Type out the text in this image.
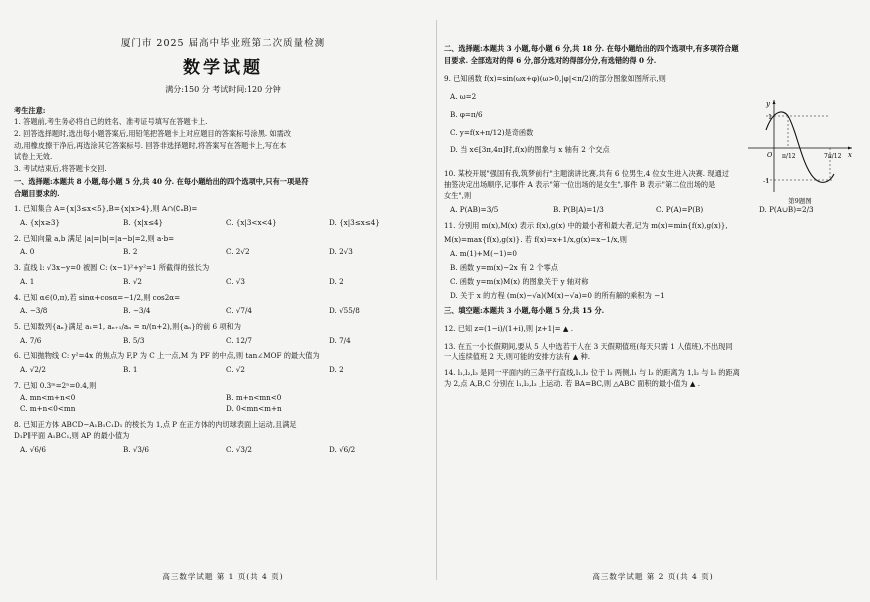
厦门市 2025 届高中毕业班第二次质量检测
数学试题
满分:150 分 考试时间:120 分钟
考生注意:
1. 答题前,考生务必将自己的姓名、准考证号填写在答题卡上.
2. 回答选择题时,选出每小题答案后,用铅笔把答题卡上对应题目的答案标号涂黑. 如需改
动,用橡皮擦干净后,再选涂其它答案标号. 回答非选择题时,将答案写在答题卡上,写在本
试卷上无效.
3. 考试结束后,将答题卡交回.
一、选择题:本题共 8 小题,每小题 5 分,共 40 分. 在每小题给出的四个选项中,只有一项是符
合题目要求的.
1. 已知集合 A={x|3≤x<5},B={x|x>4},则 A∩(∁ᵤB)=
A. {x|x≥3}	B. {x|x≤4}	C. {x|3<x<4}	D. {x|3≤x≤4}
2. 已知向量 a,b 满足 |a|=|b|=|a−b|=2,则 a·b=
A. 0	B. 2	C. 2√2	D. 2√3
3. 直线 l: √3x−y=0 被圆 C: (x−1)²+y²=1 所截得的弦长为
A. 1	B. √2	C. √3	D. 2
4. 已知 α∈(0,π),若 sinα+cosα=−1/2,则 cos2α=
A. −3/8	B. −3/4	C. √7/4	D. √55/8
5. 已知数列{aₙ}满足 a₁=1, aₙ₊₁/aₙ = n/(n+2),则{aₙ}的前 6 项和为
A. 7/6	B. 5/3	C. 12/7	D. 7/4
6. 已知抛物线 C: y²=4x 的焦点为 F,P 为 C 上一点,M 为 PF 的中点,则 tan∠MOF 的最大值为
A. √2/2	B. 1	C. √2	D. 2
7. 已知 0.3ᵐ=2ⁿ=0.4,则
A. mn<m+n<0	B. m+n<mn<0
C. m+n<0<mn	D. 0<mn<m+n
8. 已知正方体 ABCD−A₁B₁C₁D₁ 的棱长为 1,点 P 在正方体的内切球表面上运动,且满足
D₁P∥平面 A₁BC₁,则 AP 的最小值为
A. √6/6	B. √3/6	C. √3/2	D. √6/2
高三数学试题 第 1 页(共 4 页)
二、选择题:本题共 3 小题,每小题 6 分,共 18 分. 在每小题给出的四个选项中,有多项符合题
目要求. 全部选对的得 6 分,部分选对的得部分分,有选错的得 0 分.
9. 已知函数 f(x)=sin(ωx+φ)(ω>0,|φ|<π/2)的部分图象如图所示,则
A. ω=2
B. φ=π/6
C. y=f(x+π/12)是奇函数
D. 当 x∈[3π,4π]时,f(x)的图象与 x 轴有 2 个交点
y
x
O
1
-1
π/12	7π/12
第9题图
10. 某校开展"强国有我,筑梦前行"主题演讲比赛,共有 6 位男生,4 位女生进入决赛. 现通过
抽签决定出场顺序,记事件 A 表示"第一位出场的是女生",事件 B 表示"第二位出场的是
女生",则
A. P(AB)=3/5	B. P(B|A)=1/3	C. P(A)=P(B)	D. P(A∪B)=2/3
11. 分别用 m(x),M(x) 表示 f(x),g(x) 中的最小者和最大者,记为 m(x)=min{f(x),g(x)},
M(x)=max{f(x),g(x)}. 若 f(x)=x+1/x,g(x)=x−1/x,则
A. m(1)+M(−1)=0
B. 函数 y=m(x)−2x 有 2 个零点
C. 函数 y=m(x)M(x) 的图象关于 y 轴对称
D. 关于 x 的方程 (m(x)−√a)(M(x)−√a)=0 的所有解的乘积为 −1
三、填空题:本题共 3 小题,每小题 5 分,共 15 分.
12. 已知 z=(1−i)/(1+i),则 |z+1|= ▲ .
13. 在五一小长假期间,要从 5 人中选若干人在 3 天假期值班(每天只需 1 人值班),不出现同
一人连续值班 2 天,则可能的安排方法有 ▲ 种.
14. l₁,l₂,l₃ 是同一平面内的三条平行直线,l₁,l₂ 位于 l₃ 两侧,l₁ 与 l₃ 的距离为 1,l₂ 与 l₃ 的距离
为 2,点 A,B,C 分别在 l₁,l₂,l₃ 上运动. 若 BA=BC,则 △ABC 面积的最小值为 ▲ .
高三数学试题 第 2 页(共 4 页)
